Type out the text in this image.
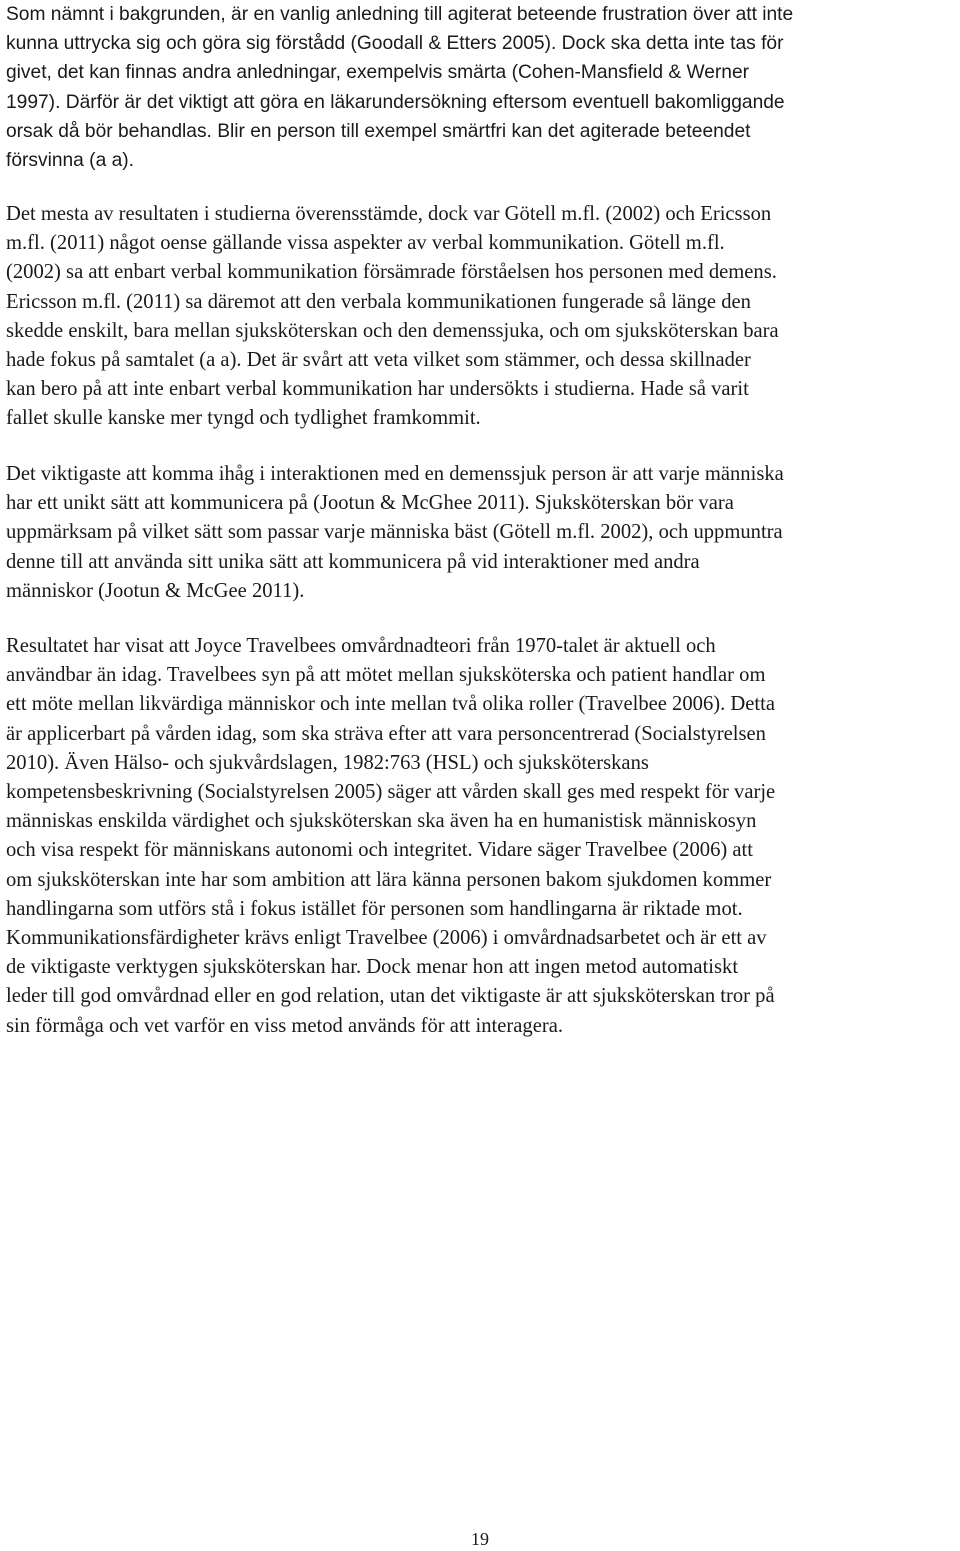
Som nämnt i bakgrunden, är en vanlig anledning till agiterat beteende frustration över att inte
kunna uttrycka sig och göra sig förstådd (Goodall & Etters 2005). Dock ska detta inte tas för
givet, det kan finnas andra anledningar, exempelvis smärta (Cohen-Mansfield & Werner
1997). Därför är det viktigt att göra en läkarundersökning eftersom eventuell bakomliggande
orsak då bör behandlas. Blir en person till exempel smärtfri kan det agiterade beteendet
försvinna (a a).

Det mesta av resultaten i studierna överensstämde, dock var Götell m.fl. (2002) och Ericsson
m.fl. (2011) något oense gällande vissa aspekter av verbal kommunikation. Götell m.fl.
(2002) sa att enbart verbal kommunikation försämrade förståelsen hos personen med demens.
Ericsson m.fl. (2011) sa däremot att den verbala kommunikationen fungerade så länge den
skedde enskilt, bara mellan sjuksköterskan och den demenssjuka, och om sjuksköterskan bara
hade fokus på samtalet (a a). Det är svårt att veta vilket som stämmer, och dessa skillnader
kan bero på att inte enbart verbal kommunikation har undersökts i studierna. Hade så varit
fallet skulle kanske mer tyngd och tydlighet framkommit.

Det viktigaste att komma ihåg i interaktionen med en demenssjuk person är att varje människa
har ett unikt sätt att kommunicera på (Jootun & McGhee 2011). Sjuksköterskan bör vara
uppmärksam på vilket sätt som passar varje människa bäst (Götell m.fl. 2002), och uppmuntra
denne till att använda sitt unika sätt att kommunicera på vid interaktioner med andra
människor (Jootun & McGee 2011).

Resultatet har visat att Joyce Travelbees omvårdnadteori från 1970-talet är aktuell och
användbar än idag. Travelbees syn på att mötet mellan sjuksköterska och patient handlar om
ett möte mellan likvärdiga människor och inte mellan två olika roller (Travelbee 2006). Detta
är applicerbart på vården idag, som ska sträva efter att vara personcentrerad (Socialstyrelsen
2010). Även Hälso- och sjukvårdslagen, 1982:763 (HSL) och sjuksköterskans
kompetensbeskrivning (Socialstyrelsen 2005) säger att vården skall ges med respekt för varje
människas enskilda värdighet och sjuksköterskan ska även ha en humanistisk människosyn
och visa respekt för människans autonomi och integritet. Vidare säger Travelbee (2006) att
om sjuksköterskan inte har som ambition att lära känna personen bakom sjukdomen kommer
handlingarna som utförs stå i fokus istället för personen som handlingarna är riktade mot.
Kommunikationsfärdigheter krävs enligt Travelbee (2006) i omvårdnadsarbetet och är ett av
de viktigaste verktygen sjuksköterskan har. Dock menar hon att ingen metod automatiskt
leder till god omvårdnad eller en god relation, utan det viktigaste är att sjuksköterskan tror på
sin förmåga och vet varför en viss metod används för att interagera.

19
